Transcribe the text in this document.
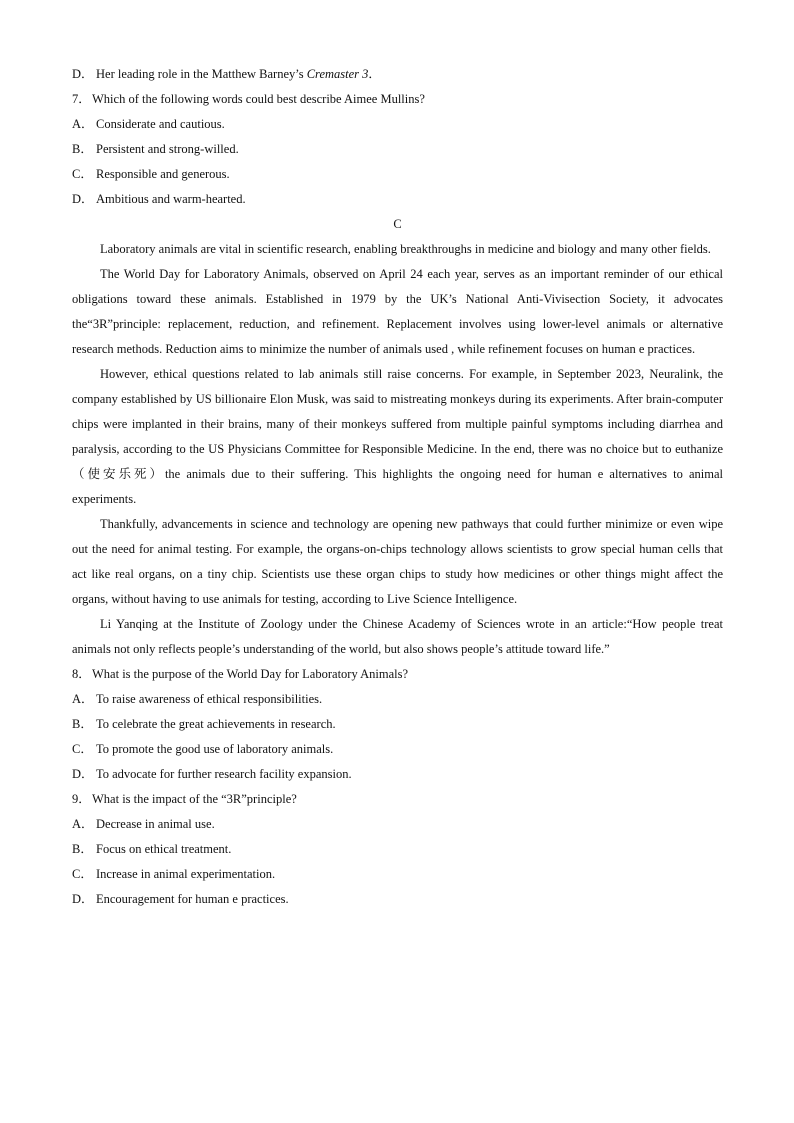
D． Her leading role in the Matthew Barney’s Cremaster 3．
7．Which of the following words could best describe Aimee Mullins?
A． Considerate and cautious.
B． Persistent and strong-willed.
C． Responsible and generous.
D． Ambitious and warm-hearted.
C

Laboratory animals are vital in scientific research, enabling breakthroughs in medicine and biology and many other fields.

The World Day for Laboratory Animals, observed on April 24 each year, serves as an important reminder of our ethical obligations toward these animals. Established in 1979 by the UK’s National Anti-Vivisection Society, it advocates the“3R”principle: replacement, reduction, and refinement. Replacement involves using lower-level animals or alternative research methods. Reduction aims to minimize the number of animals used , while refinement focuses on human e practices.

However, ethical questions related to lab animals still raise concerns. For example, in September 2023, Neuralink, the company established by US billionaire Elon Musk, was said to mistreating monkeys during its experiments. After brain-computer chips were implanted in their brains, many of their monkeys suffered from multiple painful symptoms including diarrhea and paralysis, according to the US Physicians Committee for Responsible Medicine. In the end, there was no choice but to euthanize（使安乐死）the animals due to their suffering. This highlights the ongoing need for human e alternatives to animal experiments.

Thankfully, advancements in science and technology are opening new pathways that could further minimize or even wipe out the need for animal testing. For example, the organs-on-chips technology allows scientists to grow special human cells that act like real organs, on a tiny chip. Scientists use these organ chips to study how medicines or other things might affect the organs, without having to use animals for testing, according to Live Science Intelligence.

Li Yanqing at the Institute of Zoology under the Chinese Academy of Sciences wrote in an article:“How people treat animals not only reflects people’s understanding of the world, but also shows people’s attitude toward life.”

8．What is the purpose of the World Day for Laboratory Animals?
A． To raise awareness of ethical responsibilities.
B． To celebrate the great achievements in research.
C． To promote the good use of laboratory animals.
D． To advocate for further research facility expansion.
9．What is the impact of the “3R”principle?
A． Decrease in animal use.
B． Focus on ethical treatment.
C． Increase in animal experimentation.
D． Encouragement for human e practices.
